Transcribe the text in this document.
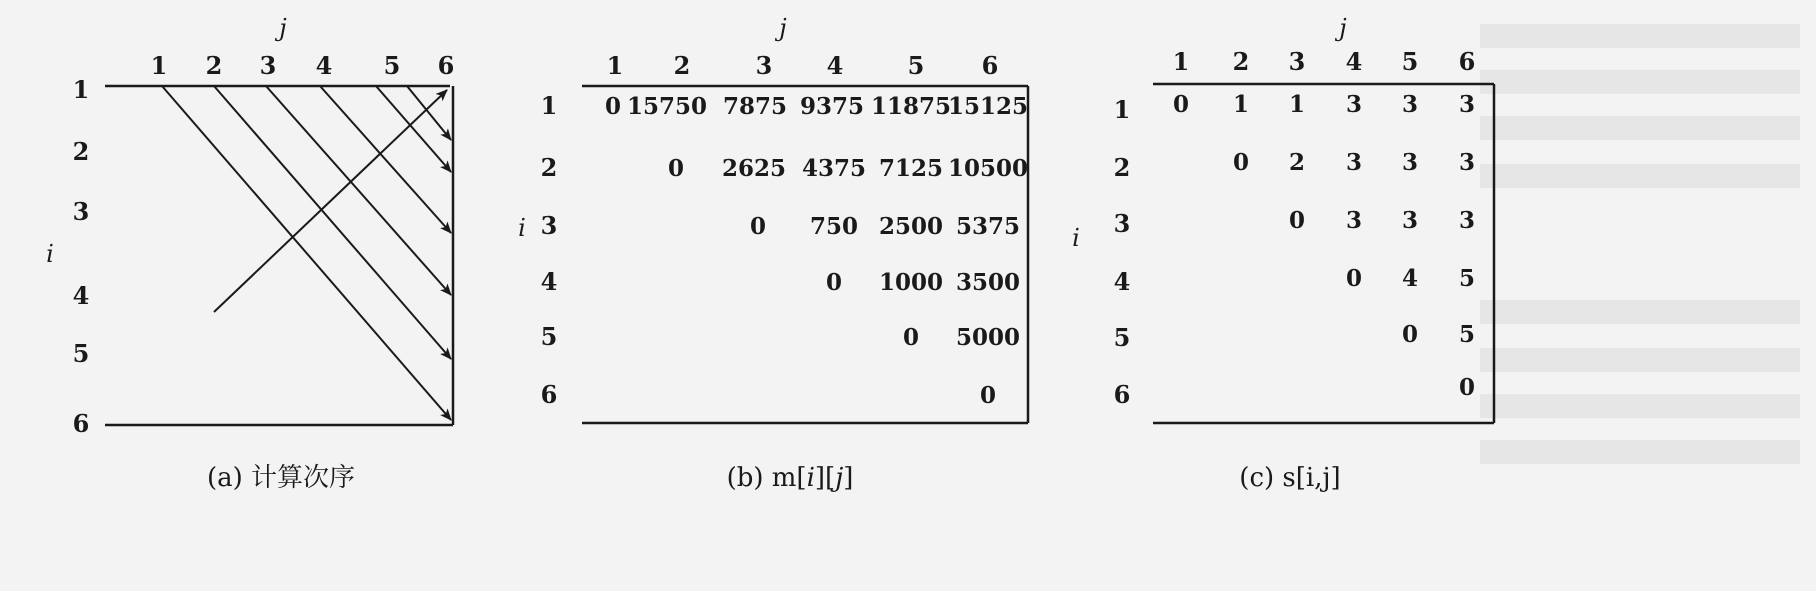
j
1 2 3 4 5 6
1
2
3
i
4
5
6
(a) 计算次序
j
1 2	3 4	5 6
1
2
i 3
4
5
6
0 15750 7875 9375 11875
15125
0 2625 4375 7125 10500
0 750 2500 5375
0 1000 3500
0 5000
0
(b) m[i][j]
j
1 2 3 4 5 6
1
2
3
i
4
5
6
0 1 1 3 3 3
0 2 3 3 3
0 3 3 3
0 4 5
0 5
0
(c) s[i,j]
